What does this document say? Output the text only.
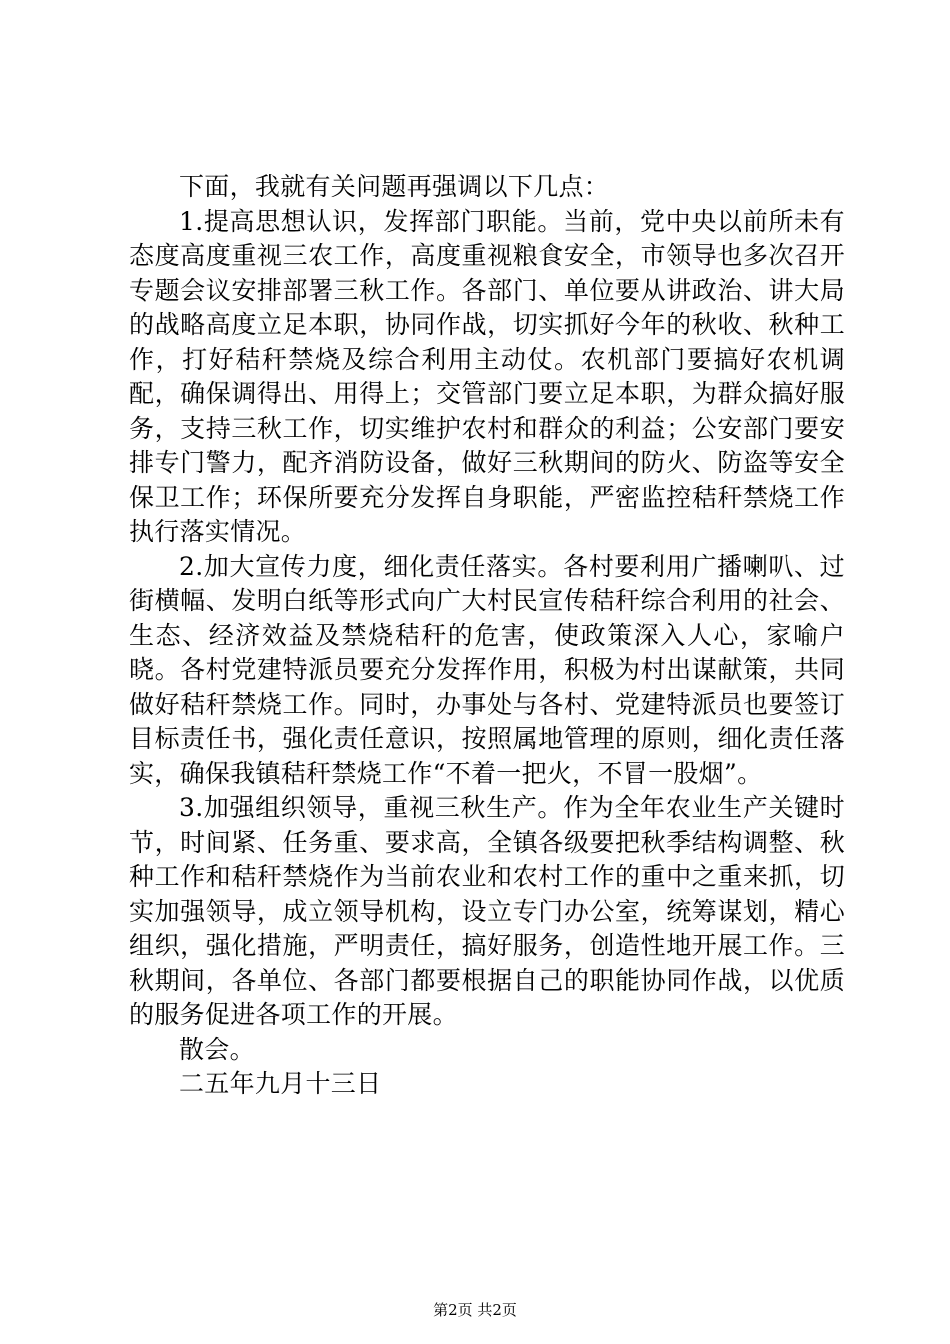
下面，我就有关问题再强调以下几点：

1.提高思想认识，发挥部门职能。当前，党中央以前所未有态度高度重视三农工作，高度重视粮食安全，市领导也多次召开专题会议安排部署三秋工作。各部门、单位要从讲政治、讲大局的战略高度立足本职，协同作战，切实抓好今年的秋收、秋种工作，打好秸秆禁烧及综合利用主动仗。农机部门要搞好农机调配，确保调得出、用得上；交管部门要立足本职，为群众搞好服务，支持三秋工作，切实维护农村和群众的利益；公安部门要安排专门警力，配齐消防设备，做好三秋期间的防火、防盗等安全保卫工作；环保所要充分发挥自身职能，严密监控秸秆禁烧工作执行落实情况。

2.加大宣传力度，细化责任落实。各村要利用广播喇叭、过街横幅、发明白纸等形式向广大村民宣传秸秆综合利用的社会、生态、经济效益及禁烧秸秆的危害，使政策深入人心，家喻户晓。各村党建特派员要充分发挥作用，积极为村出谋献策，共同做好秸秆禁烧工作。同时，办事处与各村、党建特派员也要签订目标责任书，强化责任意识，按照属地管理的原则，细化责任落实，确保我镇秸秆禁烧工作“不着一把火，不冒一股烟”。

3.加强组织领导，重视三秋生产。作为全年农业生产关键时节，时间紧、任务重、要求高，全镇各级要把秋季结构调整、秋种工作和秸秆禁烧作为当前农业和农村工作的重中之重来抓，切实加强领导，成立领导机构，设立专门办公室，统筹谋划，精心组织，强化措施，严明责任，搞好服务，创造性地开展工作。三秋期间，各单位、各部门都要根据自己的职能协同作战，以优质的服务促进各项工作的开展。

散会。

二五年九月十三日

第2页 共2页
